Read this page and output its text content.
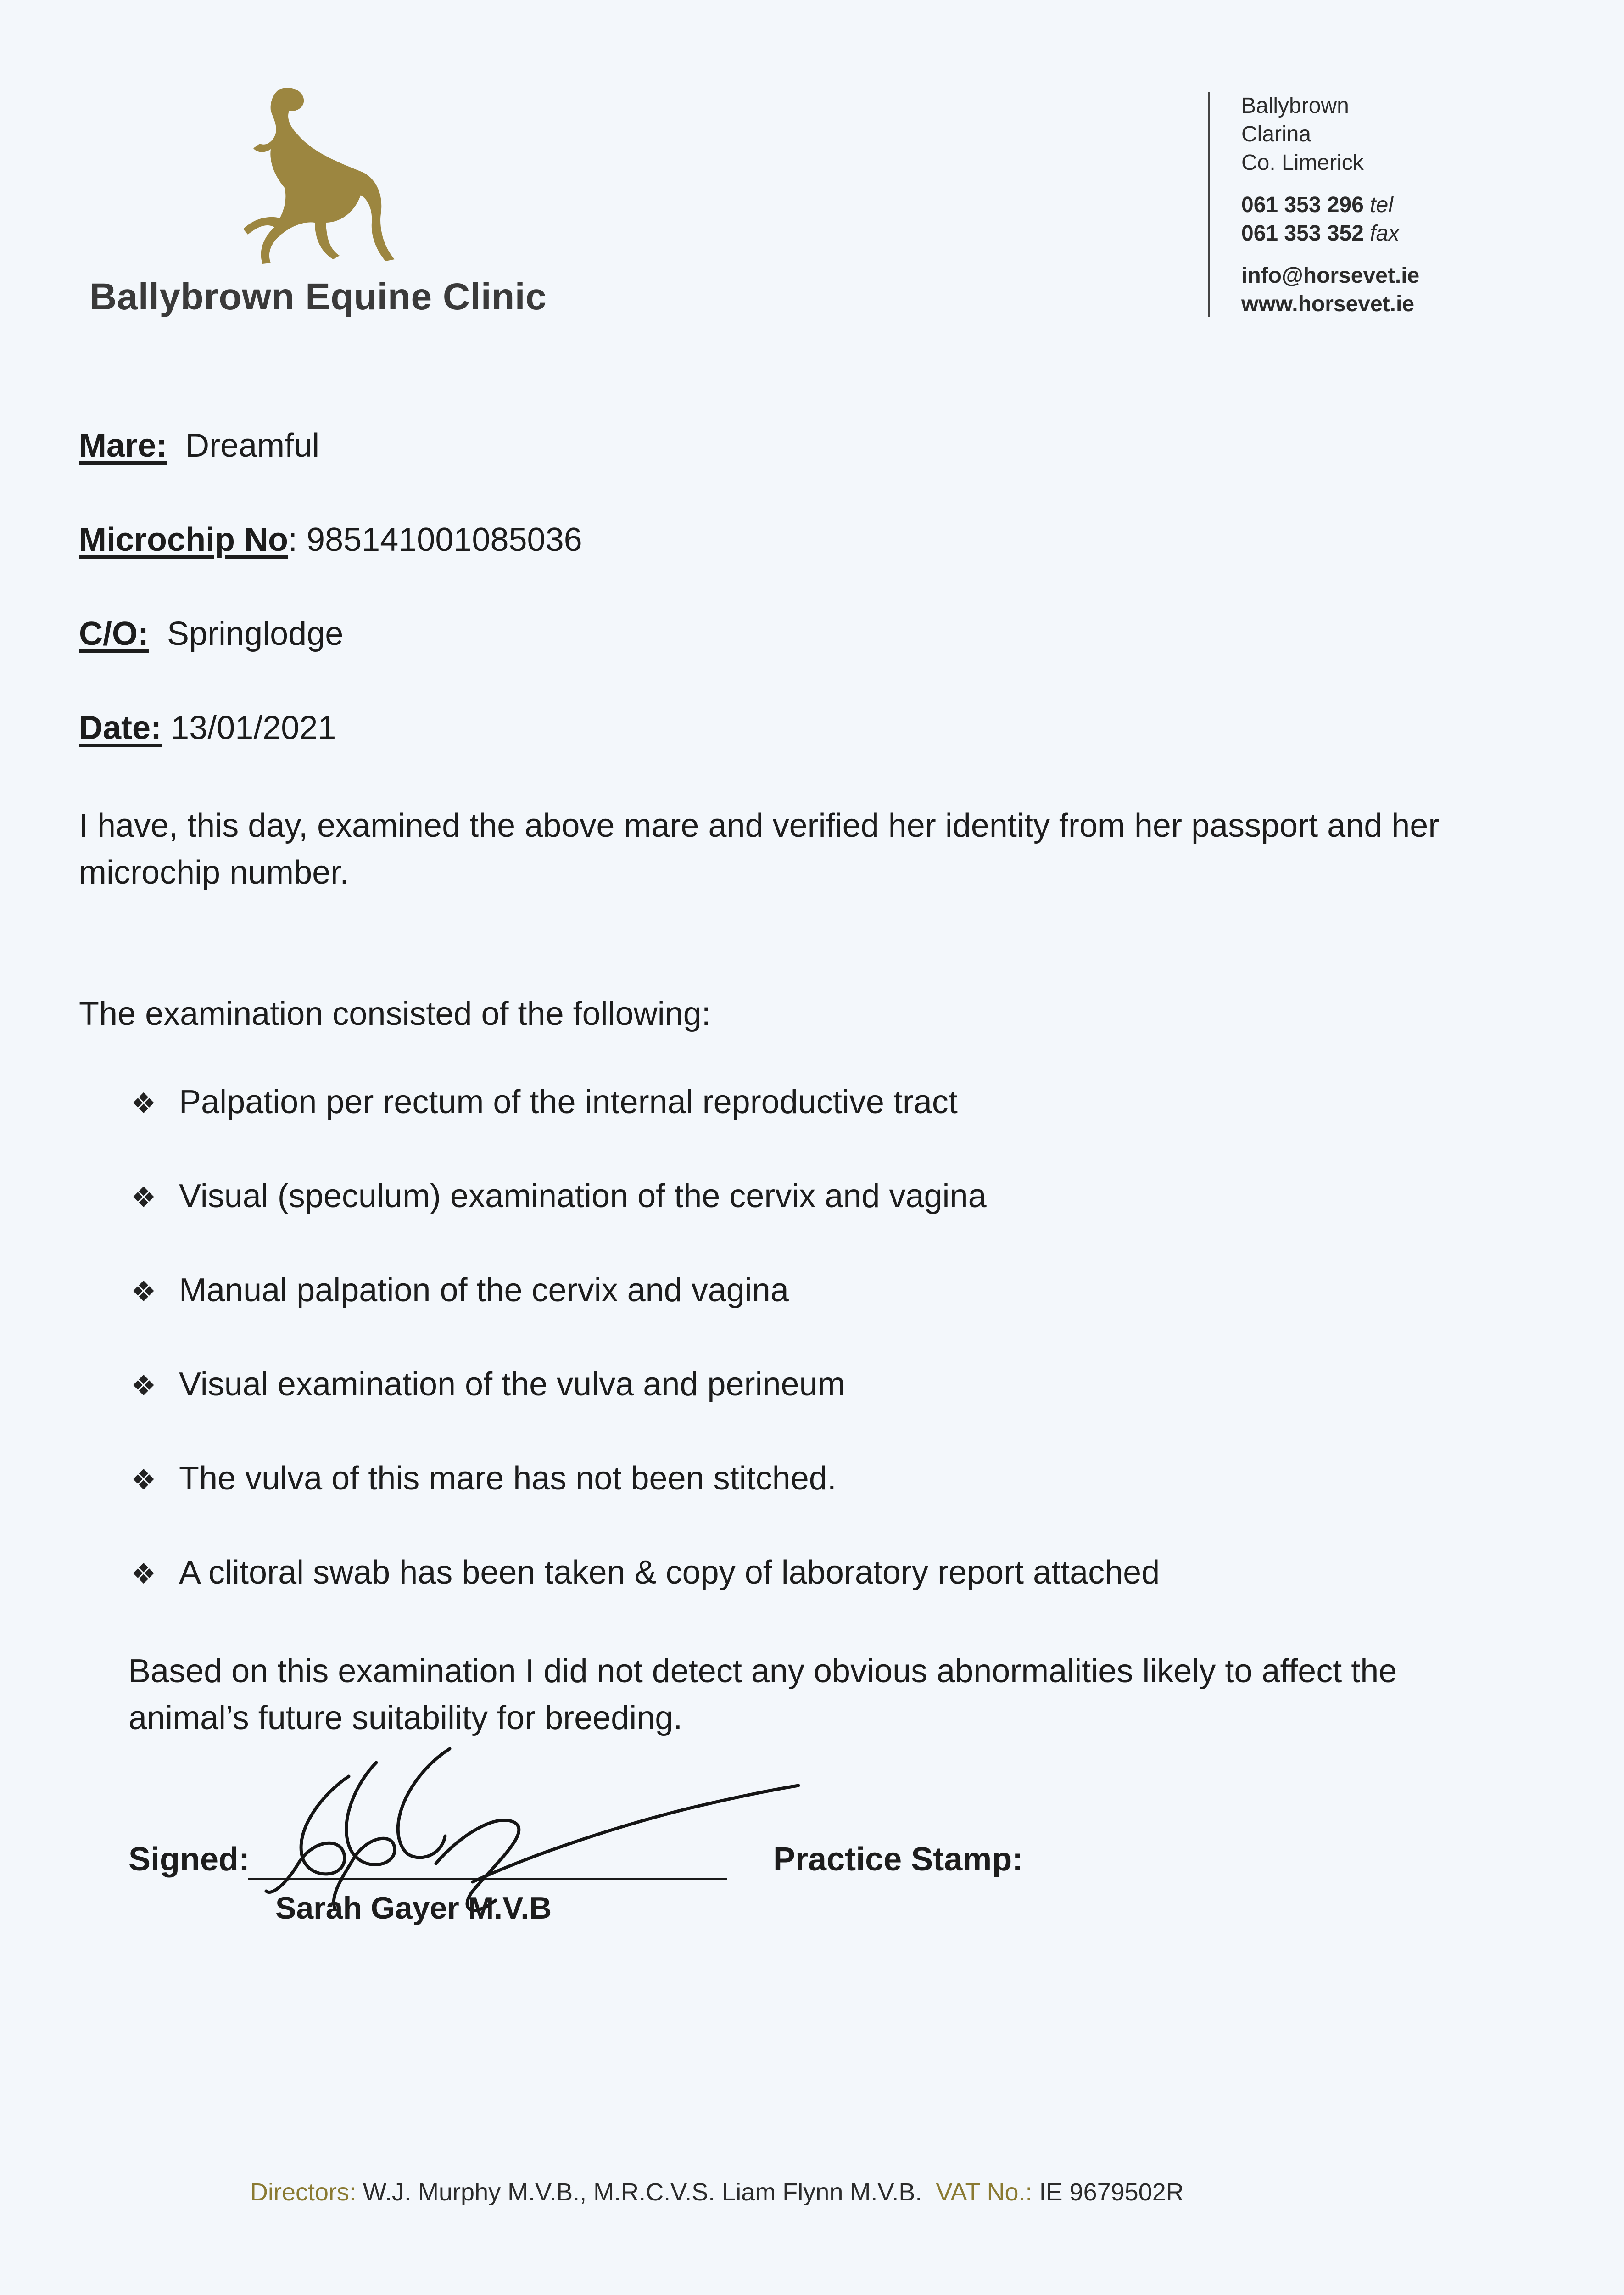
Ballybrown Equine Clinic
Ballybrown
Clarina
Co. Limerick
061 353 296 tel
061 353 352 fax
info@horsevet.ie
www.horsevet.ie
Mare: Dreamful
Microchip No: 985141001085036
C/O: Springlodge
Date: 13/01/2021
I have, this day, examined the above mare and verified her identity from her passport and her microchip number.
The examination consisted of the following:
❖ Palpation per rectum of the internal reproductive tract
❖ Visual (speculum) examination of the cervix and vagina
❖ Manual palpation of the cervix and vagina
❖ Visual examination of the vulva and perineum
❖ The vulva of this mare has not been stitched.
❖ A clitoral swab has been taken & copy of laboratory report attached
Based on this examination I did not detect any obvious abnormalities likely to affect the animal’s future suitability for breeding.
Signed:
Sarah Gayer M.V.B
Practice Stamp:
Directors: W.J. Murphy M.V.B., M.R.C.V.S. Liam Flynn M.V.B. VAT No.: IE 9679502R
